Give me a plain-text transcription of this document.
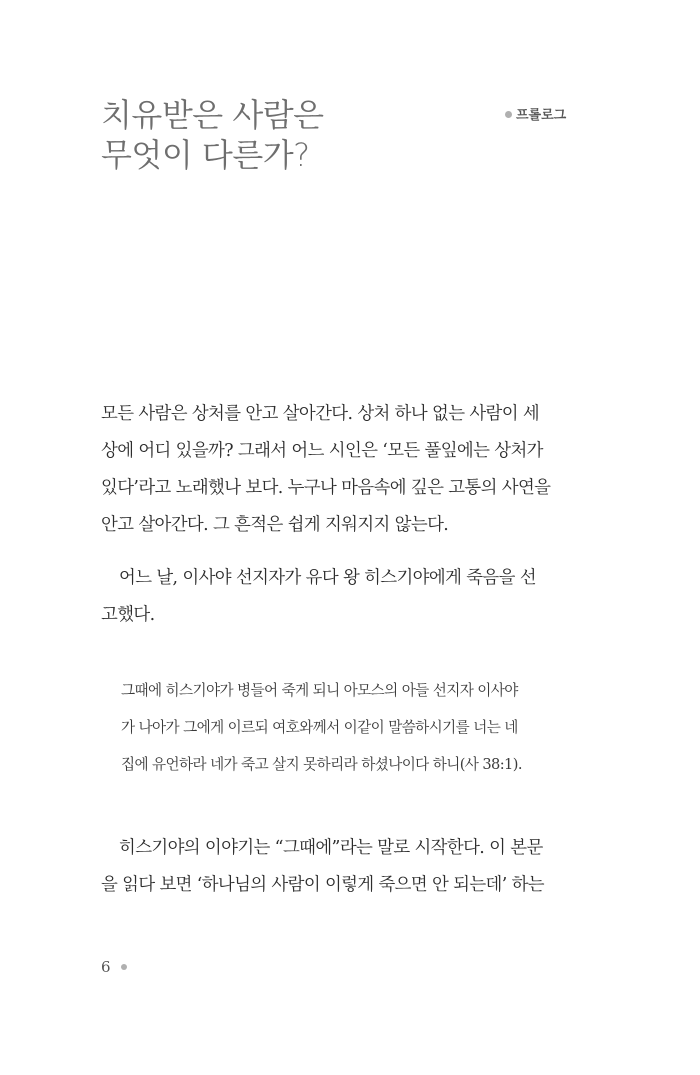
치유받은 사람은
무엇이 다른가?
프롤로그

모든 사람은 상처를 안고 살아간다. 상처 하나 없는 사람이 세
상에 어디 있을까? 그래서 어느 시인은 ‘모든 풀잎에는 상처가
있다’라고 노래했나 보다. 누구나 마음속에 깊은 고통의 사연을
안고 살아간다. 그 흔적은 쉽게 지워지지 않는다.

어느 날, 이사야 선지자가 유다 왕 히스기야에게 죽음을 선
고했다.

그때에 히스기야가 병들어 죽게 되니 아모스의 아들 선지자 이사야
가 나아가 그에게 이르되 여호와께서 이같이 말씀하시기를 너는 네
집에 유언하라 네가 죽고 살지 못하리라 하셨나이다 하니(사 38:1).

히스기야의 이야기는 “그때에”라는 말로 시작한다. 이 본문
을 읽다 보면 ‘하나님의 사람이 이렇게 죽으면 안 되는데’ 하는

6
